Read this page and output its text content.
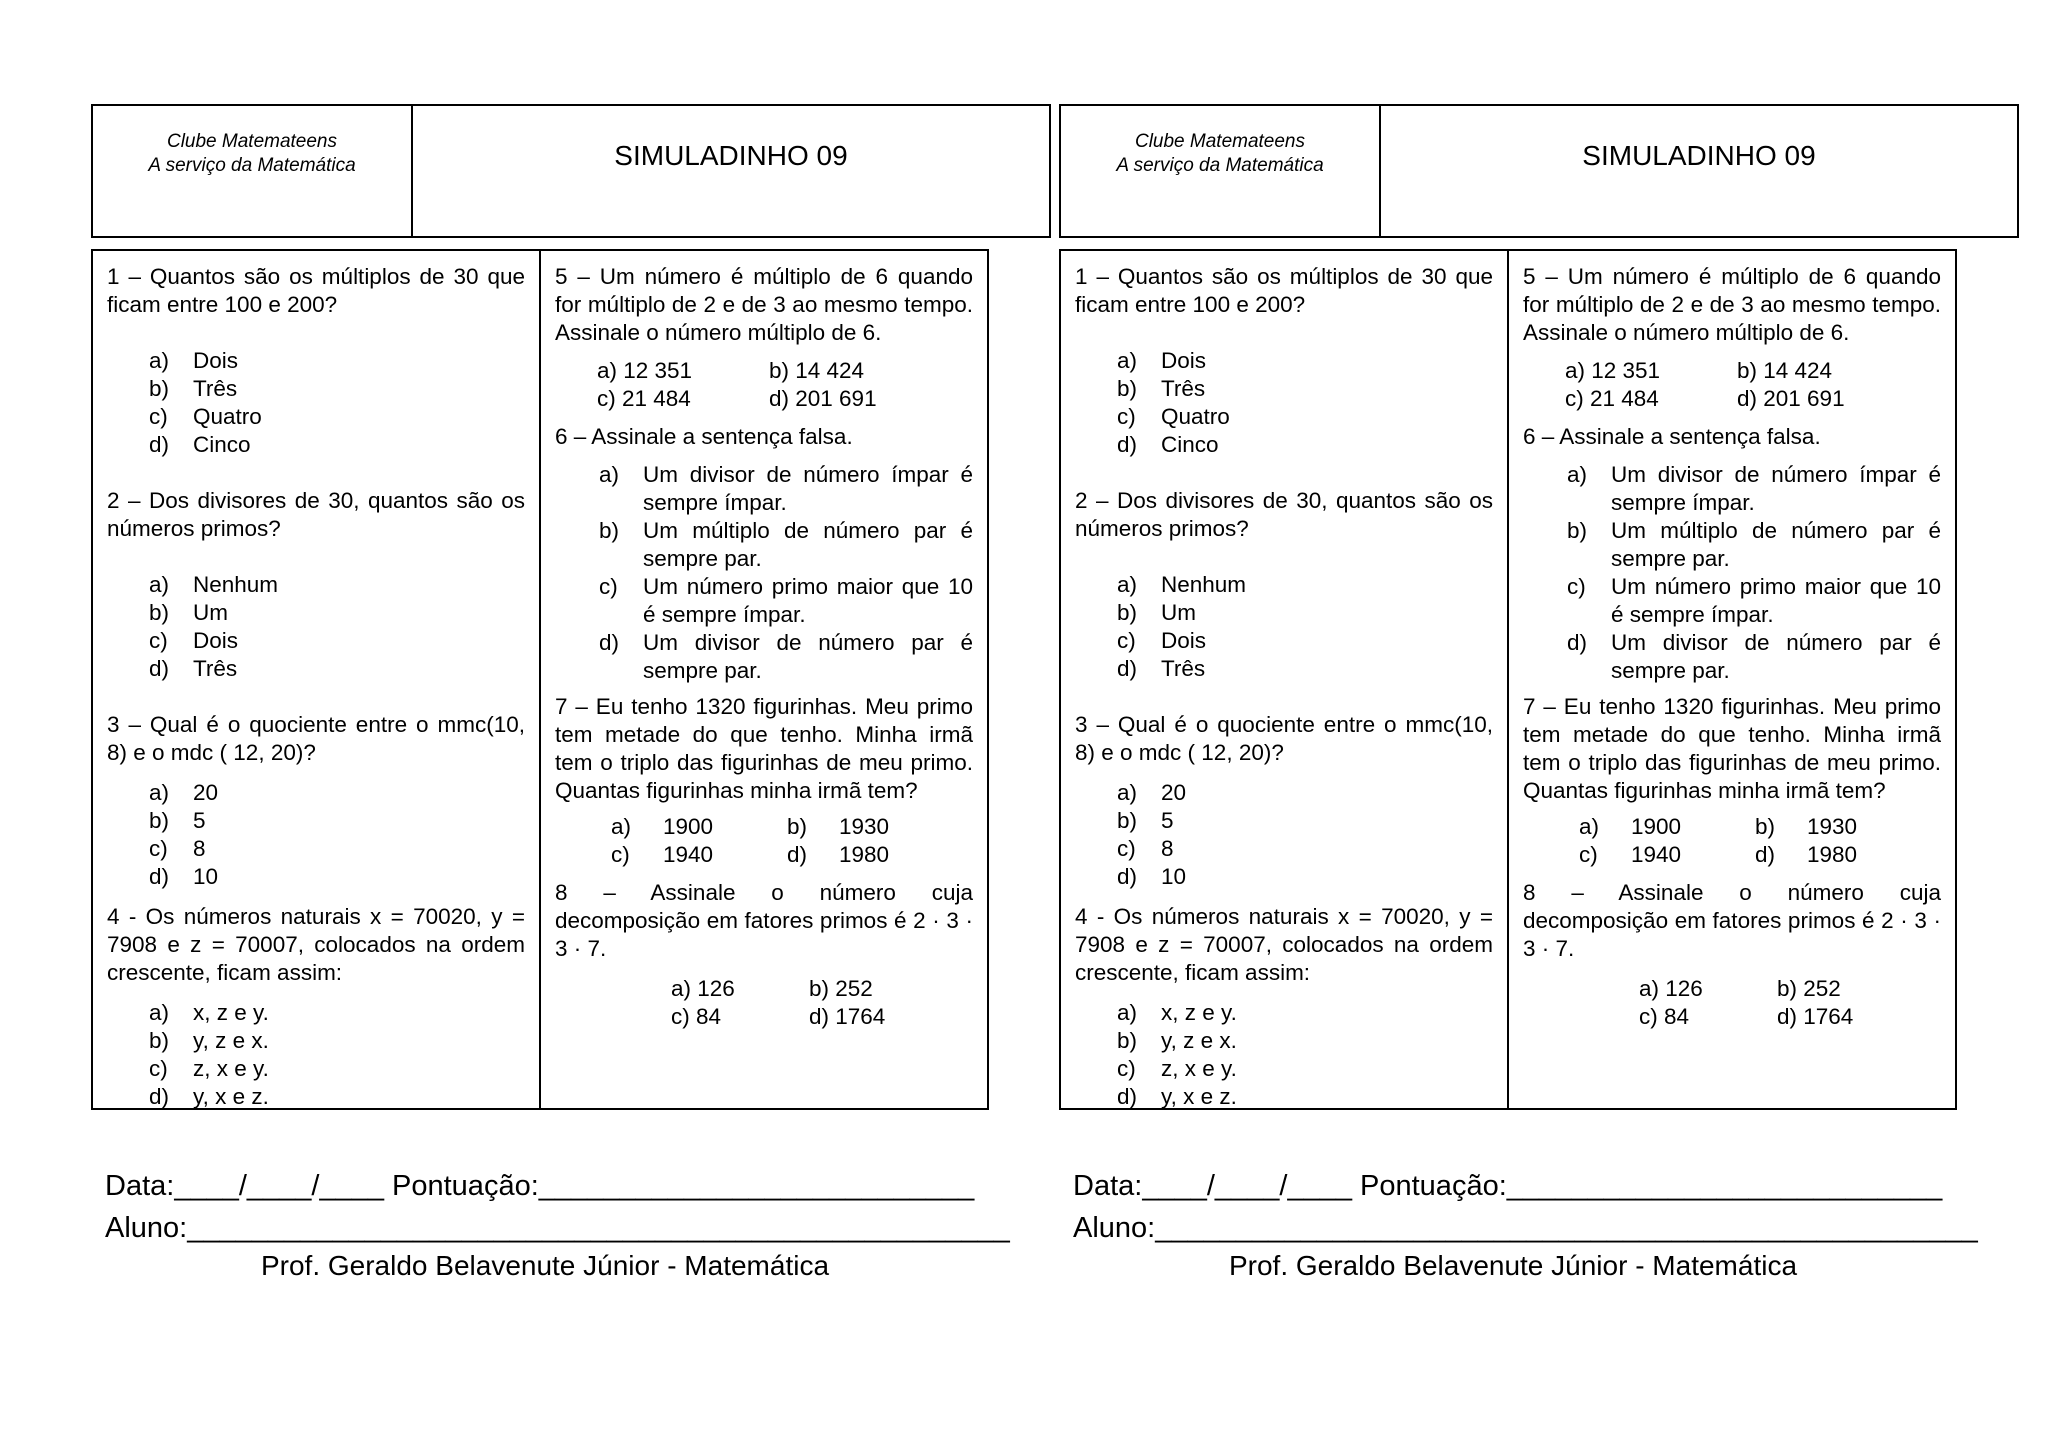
Clube Matemateens
A serviço da Matemática	SIMULADINHO 09

1 – Quantos são os múltiplos de 30 que ficam entre 100 e 200?

a)	Dois
b)	Três
c)	Quatro
d)	Cinco

2 – Dos divisores de 30, quantos são os números primos?

a)	Nenhum
b)	Um
c)	Dois
d)	Três

3 – Qual é o quociente entre o mmc(10, 8) e o mdc ( 12, 20)?

a)	20
b)	5
c)	8
d)	10

4 - Os números naturais x = 70020, y = 7908 e z = 70007, colocados na ordem crescente, ficam assim:

a)	x, z e y.
b)	y, z e x.
c)	z, x e y.
d)	y, x e z.

5 – Um número é múltiplo de 6 quando for múltiplo de 2 e de 3 ao mesmo tempo. Assinale o número múltiplo de 6.

a) 12 351	b) 14 424
c) 21 484	d) 201 691

6 – Assinale a sentença falsa.

a)	Um divisor de número ímpar é sempre ímpar.
b)	Um múltiplo de número par é sempre par.
c)	Um número primo maior que 10 é sempre ímpar.
d)	Um divisor de número par é sempre par.

7 – Eu tenho 1320 figurinhas. Meu primo tem metade do que tenho. Minha irmã tem o triplo das figurinhas de meu primo. Quantas figurinhas minha irmã tem?

a)	1900	b)	1930
c)	1940	d)	1980

8 – Assinale o número cuja decomposição em fatores primos é 2 · 3 · 3 · 7.

a) 126	b) 252
c) 84	d) 1764
Data:____/____/____ Pontuação:___________________________
Aluno:___________________________________________________
Prof. Geraldo Belavenute Júnior - Matemática
Clube Matemateens
A serviço da Matemática	SIMULADINHO 09

1 – Quantos são os múltiplos de 30 que ficam entre 100 e 200?

a)	Dois
b)	Três
c)	Quatro
d)	Cinco

2 – Dos divisores de 30, quantos são os números primos?

a)	Nenhum
b)	Um
c)	Dois
d)	Três

3 – Qual é o quociente entre o mmc(10, 8) e o mdc ( 12, 20)?

a)	20
b)	5
c)	8
d)	10

4 - Os números naturais x = 70020, y = 7908 e z = 70007, colocados na ordem crescente, ficam assim:

a)	x, z e y.
b)	y, z e x.
c)	z, x e y.
d)	y, x e z.

5 – Um número é múltiplo de 6 quando for múltiplo de 2 e de 3 ao mesmo tempo. Assinale o número múltiplo de 6.

a) 12 351	b) 14 424
c) 21 484	d) 201 691

6 – Assinale a sentença falsa.

a)	Um divisor de número ímpar é sempre ímpar.
b)	Um múltiplo de número par é sempre par.
c)	Um número primo maior que 10 é sempre ímpar.
d)	Um divisor de número par é sempre par.

7 – Eu tenho 1320 figurinhas. Meu primo tem metade do que tenho. Minha irmã tem o triplo das figurinhas de meu primo. Quantas figurinhas minha irmã tem?

a)	1900	b)	1930
c)	1940	d)	1980

8 – Assinale o número cuja decomposição em fatores primos é 2 · 3 · 3 · 7.

a) 126	b) 252
c) 84	d) 1764
Data:____/____/____ Pontuação:___________________________
Aluno:___________________________________________________
Prof. Geraldo Belavenute Júnior - Matemática
